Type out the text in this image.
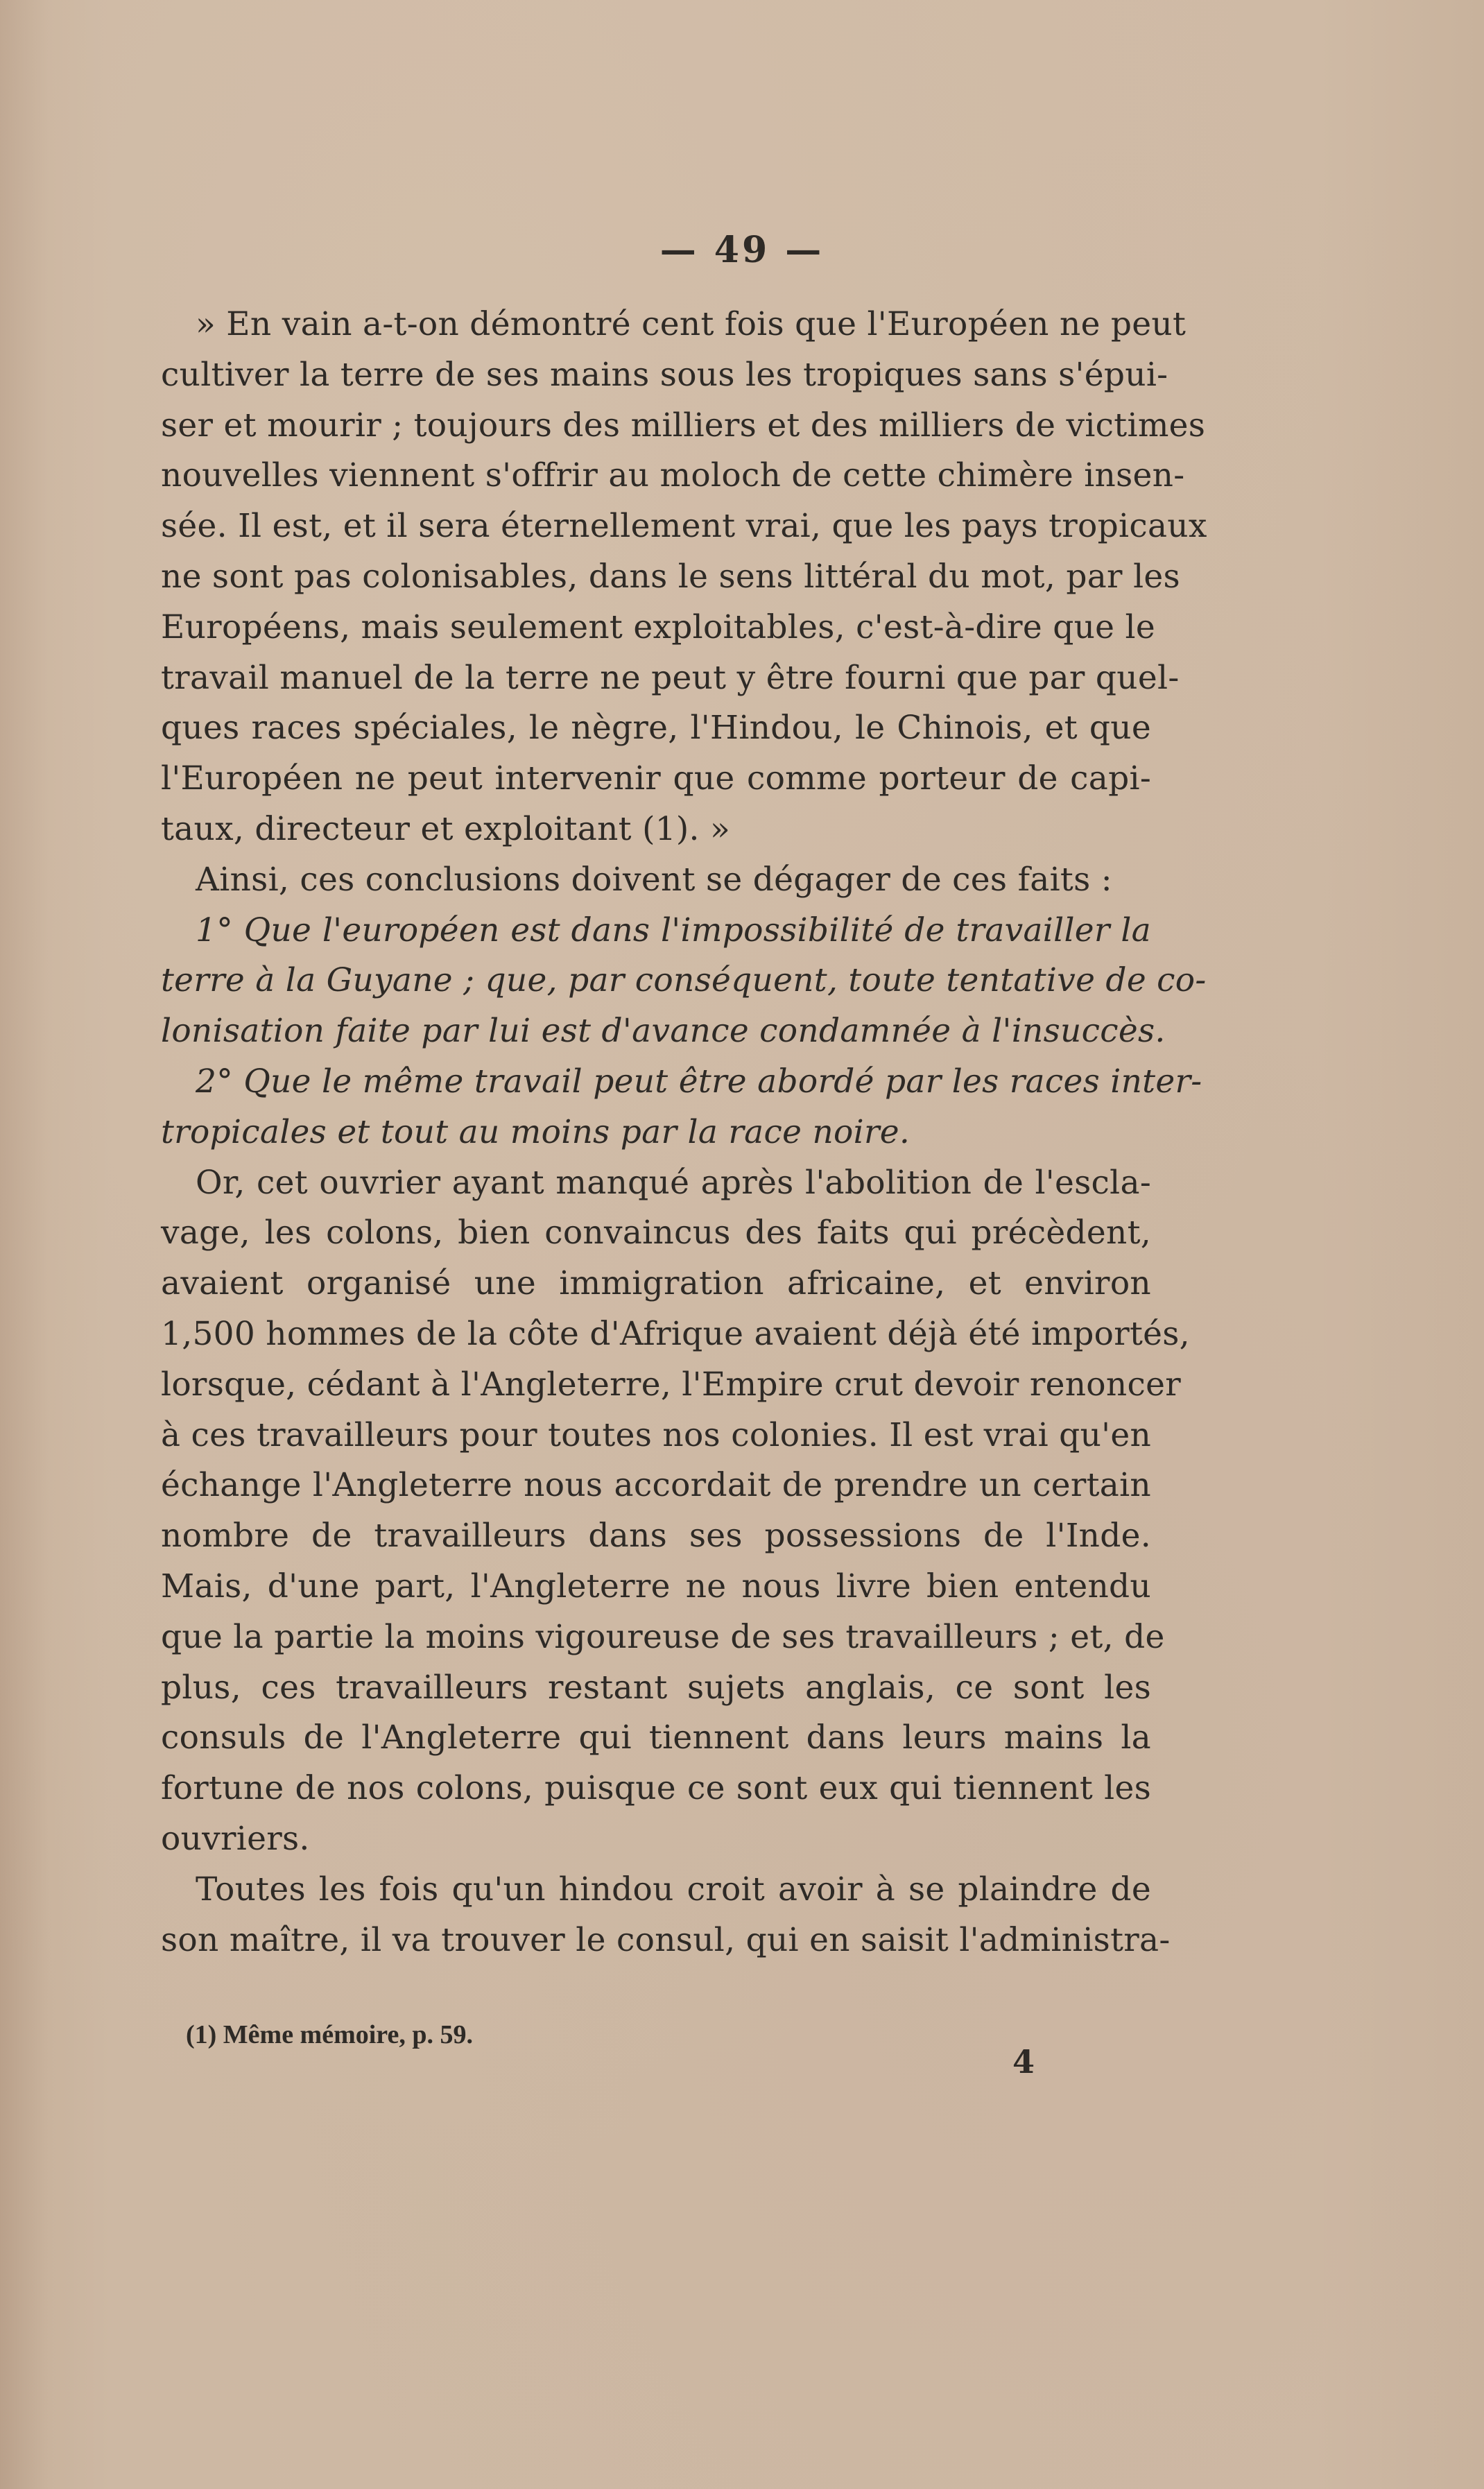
— 49 —
» En vain a-t-on démontré cent fois que l'Européen ne peut
cultiver la terre de ses mains sous les tropiques sans s'épui-
ser et mourir ; toujours des milliers et des milliers de victimes
nouvelles viennent s'offrir au moloch de cette chimère insen-
sée. Il est, et il sera éternellement vrai, que les pays tropicaux
ne sont pas colonisables, dans le sens littéral du mot, par les
Européens, mais seulement exploitables, c'est-à-dire que le
travail manuel de la terre ne peut y être fourni que par quel-
ques races spéciales, le nègre, l'Hindou, le Chinois, et que
l'Européen ne peut intervenir que comme porteur de capi-
taux, directeur et exploitant (1). »
Ainsi, ces conclusions doivent se dégager de ces faits :
1° Que l'européen est dans l'impossibilité de travailler la
terre à la Guyane ; que, par conséquent, toute tentative de co-
lonisation faite par lui est d'avance condamnée à l'insuccès.
2° Que le même travail peut être abordé par les races inter-
tropicales et tout au moins par la race noire.
Or, cet ouvrier ayant manqué après l'abolition de l'escla-
vage, les colons, bien convaincus des faits qui précèdent,
avaient organisé une immigration africaine, et environ
1,500 hommes de la côte d'Afrique avaient déjà été importés,
lorsque, cédant à l'Angleterre, l'Empire crut devoir renoncer
à ces travailleurs pour toutes nos colonies. Il est vrai qu'en
échange l'Angleterre nous accordait de prendre un certain
nombre de travailleurs dans ses possessions de l'Inde.
Mais, d'une part, l'Angleterre ne nous livre bien entendu
que la partie la moins vigoureuse de ses travailleurs ; et, de
plus, ces travailleurs restant sujets anglais, ce sont les
consuls de l'Angleterre qui tiennent dans leurs mains la
fortune de nos colons, puisque ce sont eux qui tiennent les
ouvriers.
Toutes les fois qu'un hindou croit avoir à se plaindre de
son maître, il va trouver le consul, qui en saisit l'administra-
(1) Même mémoire, p. 59.
4
